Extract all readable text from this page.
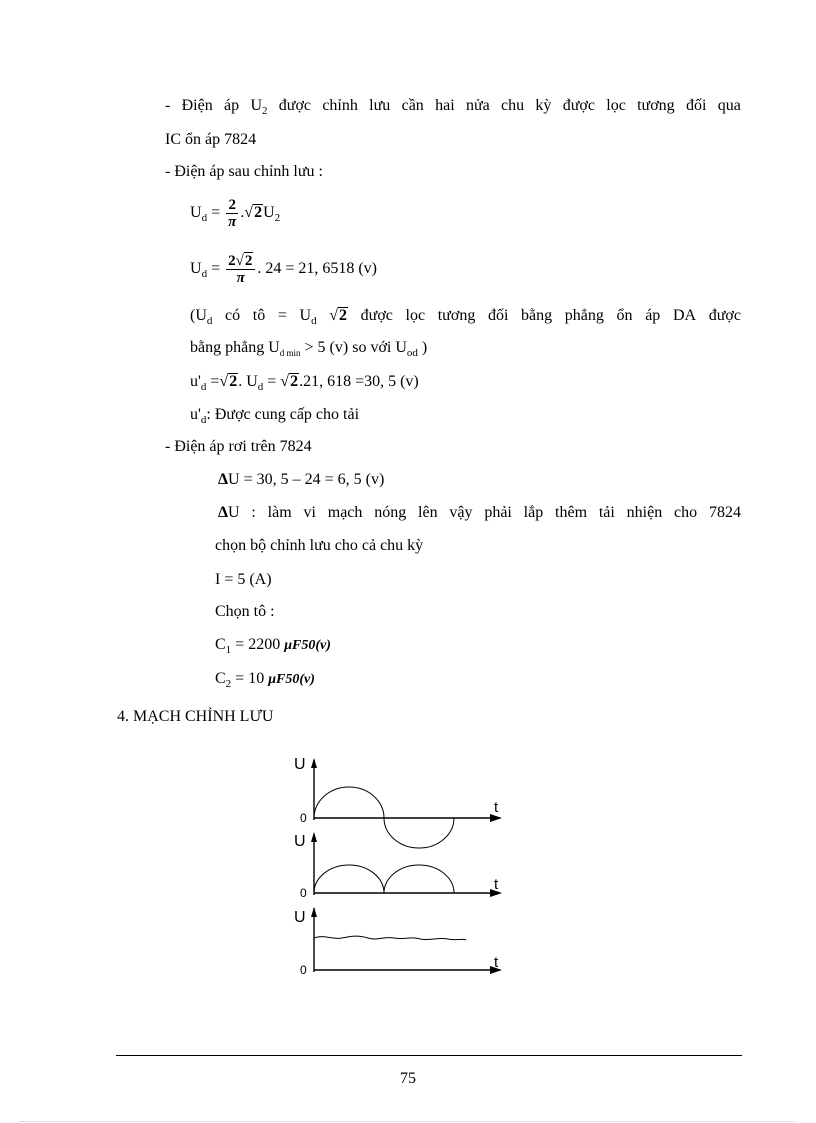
- Điện áp $U_2$ được chỉnh lưu cần hai nửa chu kỳ được lọc tương đối qua
IC ổn áp 7824
- Điện áp sau chỉnh lưu :
$U_d = \frac{2}{\pi} .√2U_2$
$U_d = \frac{2√2}{\pi}$ . 24 = 21, 6518 (v)
($U_d$ có tô = $U_d$ √2 được lọc tương đối bằng phẳng ổn áp DA được
bằng phẳng $U_{d min} > 5$ (v) so với $U_{od}$ )
$u'_d =√2$. $U_d = √2.21$, 618 =30, 5 (v)
$u'_d$: Được cung cấp cho tải
- Điện áp rơi trên 7824
ΔU = 30, 5 – 24 = 6, 5 (v)
ΔU : làm vi mạch nóng lên vậy phải lắp thêm tải nhiện cho 7824
chọn bộ chỉnh lưu cho cả chu kỳ
I = 5 (A)
Chọn tô :
$C_1 = 2200$ μF50(v)
$C_2 = 10$ μF50(v)
4. MẠCH CHỈNH LƯU
U
t
0
U
t
0
U
t
0
75
